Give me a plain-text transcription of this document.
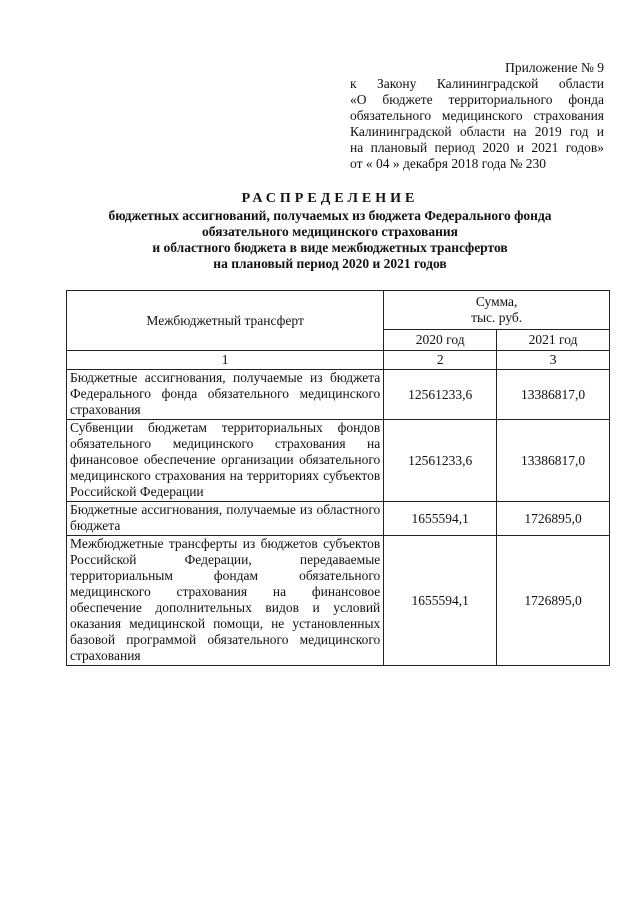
Приложение № 9
к Закону Калининградской области
«О бюджете территориального фонда
обязательного медицинского страхования
Калининградской области на 2019 год и
на плановый период 2020 и 2021 годов»
от « 04 » декабря 2018 года № 230
РАСПРЕДЕЛЕНИЕ
бюджетных ассигнований, получаемых из бюджета Федерального фонда
обязательного медицинского страхования
и областного бюджета в виде межбюджетных трансфертов
на плановый период 2020 и 2021 годов
Межбюджетный трансферт	Сумма,
тыс. руб.	

	2020 год	2021 год
1	2	3
Бюджетные ассигнования, получаемые из бюджета Федерального фонда обязательного медицинского страхования	12561233,6	13386817,0
Субвенции бюджетам территориальных фондов обязательного медицинского страхования на финансовое обеспечение организации обязательного медицинского страхования на территориях субъектов Российской Федерации	12561233,6	13386817,0
Бюджетные ассигнования, получаемые из областного бюджета	1655594,1	1726895,0
Межбюджетные трансферты из бюджетов субъектов Российской Федерации, передаваемые территориальным фондам обязательного медицинского страхования на финансовое обеспечение дополнительных видов и условий оказания медицинской помощи, не установленных базовой программой обязательного медицинского страхования	1655594,1	1726895,0
